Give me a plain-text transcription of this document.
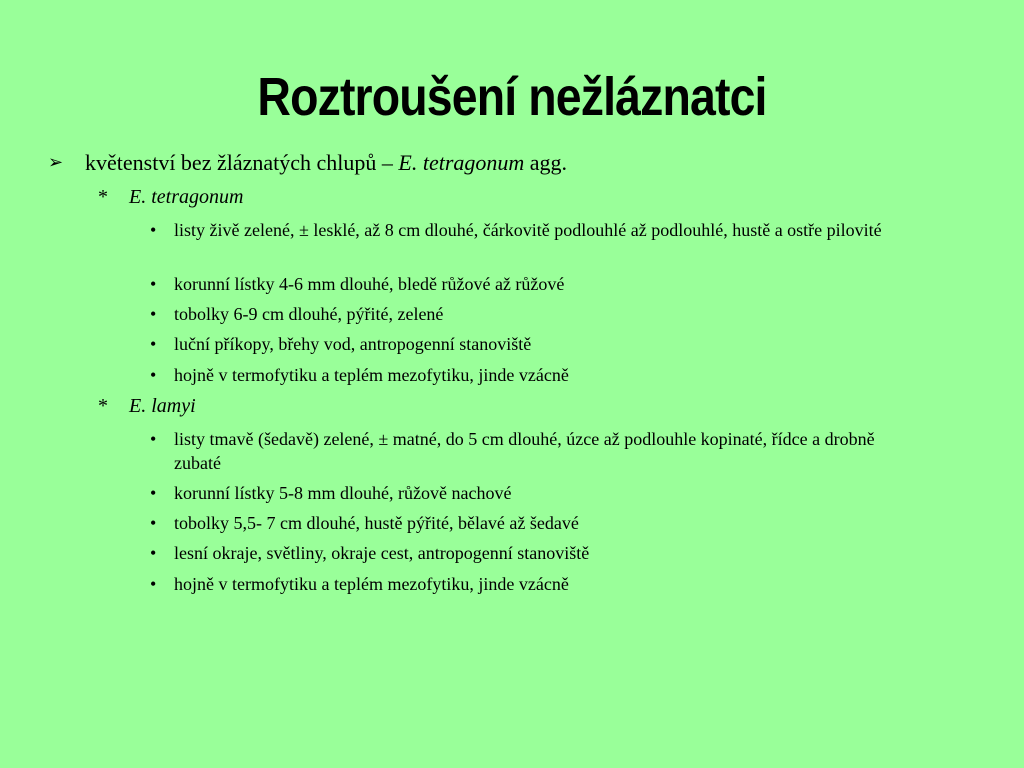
Roztroušení nežláznatci
➢ květenství bez žláznatých chlupů – E. tetragonum agg.
*	E. tetragonum
• listy živě zelené, ± lesklé, až 8 cm dlouhé, čárkovitě podlouhlé až podlouhlé, hustě a ostře pilovité
• korunní lístky 4-6 mm dlouhé, bledě růžové až růžové
• tobolky 6-9 cm dlouhé, pýřité, zelené
• luční příkopy, břehy vod, antropogenní stanoviště
• hojně v termofytiku a teplém mezofytiku, jinde vzácně
*	E. lamyi
• listy tmavě (šedavě) zelené, ± matné, do 5 cm dlouhé, úzce až podlouhle kopinaté, řídce a drobně zubaté
• korunní lístky 5-8 mm dlouhé, růžově nachové
• tobolky 5,5- 7 cm dlouhé, hustě pýřité, bělavé až šedavé
• lesní okraje, světliny, okraje cest, antropogenní stanoviště
• hojně v termofytiku a teplém mezofytiku, jinde vzácně
